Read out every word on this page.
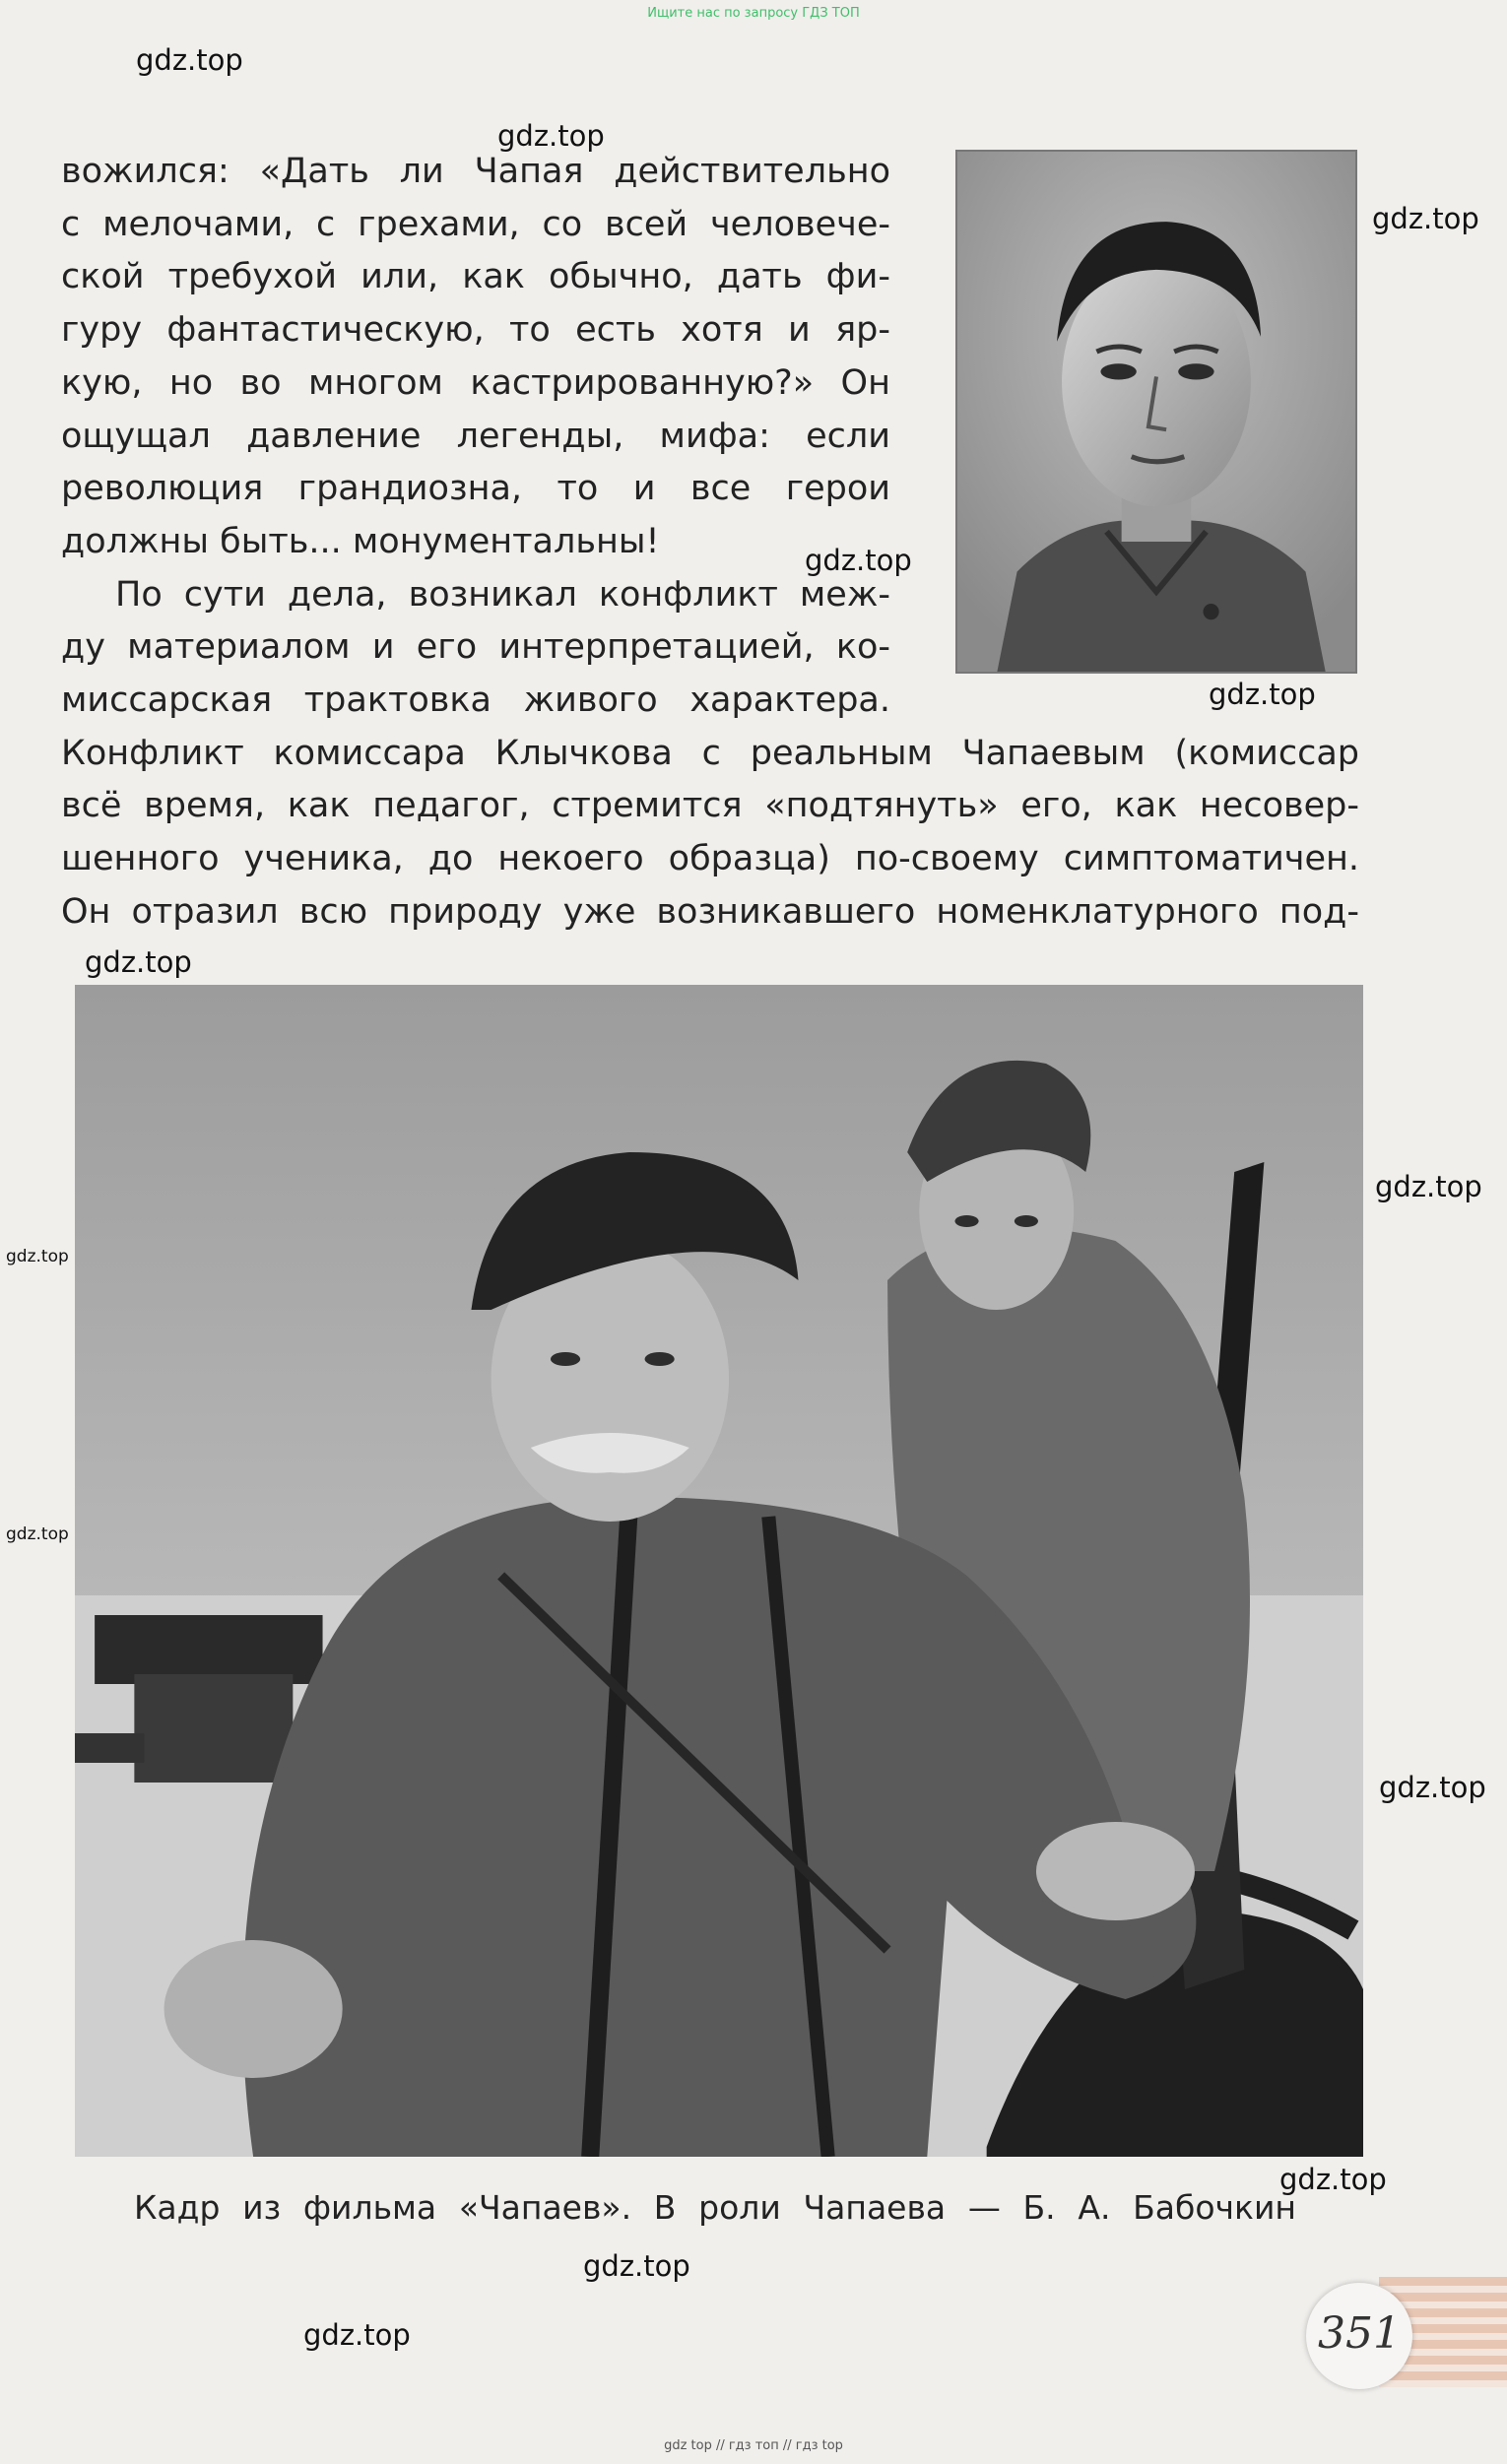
Ищите нас по запросу ГДЗ ТОП
gdz.top
gdz.top
gdz.top
gdz.top
gdz.top
gdz.top
gdz.top
gdz.top
gdz.top
gdz.top
gdz.top
gdz.top
gdz.top
вожился: «Дать ли Чапая действительно
с мелочами, с грехами, со всей человече-
ской требухой или, как обычно, дать фи-
гуру фантастическую, то есть хотя и яр-
кую, но во многом кастрированную?» Он
ощущал давление легенды, мифа: если
революция грандиозна, то и все герои
должны быть... монументальны!
По сути дела, возникал конфликт меж-
ду материалом и его интерпретацией, ко-
миссарская трактовка живого характера.
Конфликт комиссара Клычкова с реальным Чапаевым (комиссар
всё время, как педагог, стремится «подтянуть» его, как несовер-
шенного ученика, до некоего образца) по-своему симптоматичен.
Он отразил всю природу уже возникавшего номенклатурного под-
Кадр из фильма «Чапаев». В роли Чапаева — Б. А. Бабочкин
351
gdz top // гдз топ // гдз top
